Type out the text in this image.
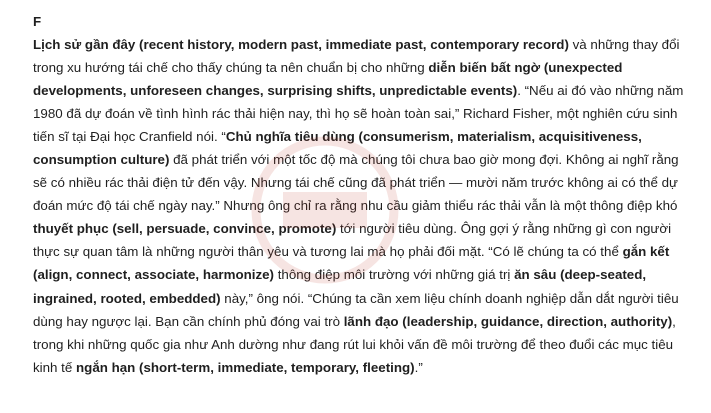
F

Lịch sử gần đây (recent history, modern past, immediate past, contemporary record) và những thay đổi trong xu hướng tái chế cho thấy chúng ta nên chuẩn bị cho những diễn biến bất ngờ (unexpected developments, unforeseen changes, surprising shifts, unpredictable events). “Nếu ai đó vào những năm 1980 đã dự đoán về tình hình rác thải hiện nay, thì họ sẽ hoàn toàn sai,” Richard Fisher, một nghiên cứu sinh tiến sĩ tại Đại học Cranfield nói. “Chủ nghĩa tiêu dùng (consumerism, materialism, acquisitiveness, consumption culture) đã phát triển với một tốc độ mà chúng tôi chưa bao giờ mong đợi. Không ai nghĩ rằng sẽ có nhiều rác thải điện tử đến vậy. Nhưng tái chế cũng đã phát triển — mười năm trước không ai có thể dự đoán mức độ tái chế ngày nay.” Nhưng ông chỉ ra rằng nhu cầu giảm thiểu rác thải vẫn là một thông điệp khó thuyết phục (sell, persuade, convince, promote) tới người tiêu dùng. Ông gợi ý rằng những gì con người thực sự quan tâm là những người thân yêu và tương lai mà họ phải đối mặt. “Có lẽ chúng ta có thể gắn kết (align, connect, associate, harmonize) thông điệp môi trường với những giá trị ăn sâu (deep-seated, ingrained, rooted, embedded) này,” ông nói. “Chúng ta cần xem liệu chính doanh nghiệp dẫn dắt người tiêu dùng hay ngược lại. Bạn cần chính phủ đóng vai trò lãnh đạo (leadership, guidance, direction, authority), trong khi những quốc gia như Anh dường như đang rút lui khỏi vấn đề môi trường để theo đuổi các mục tiêu kinh tế ngắn hạn (short-term, immediate, temporary, fleeting).”
